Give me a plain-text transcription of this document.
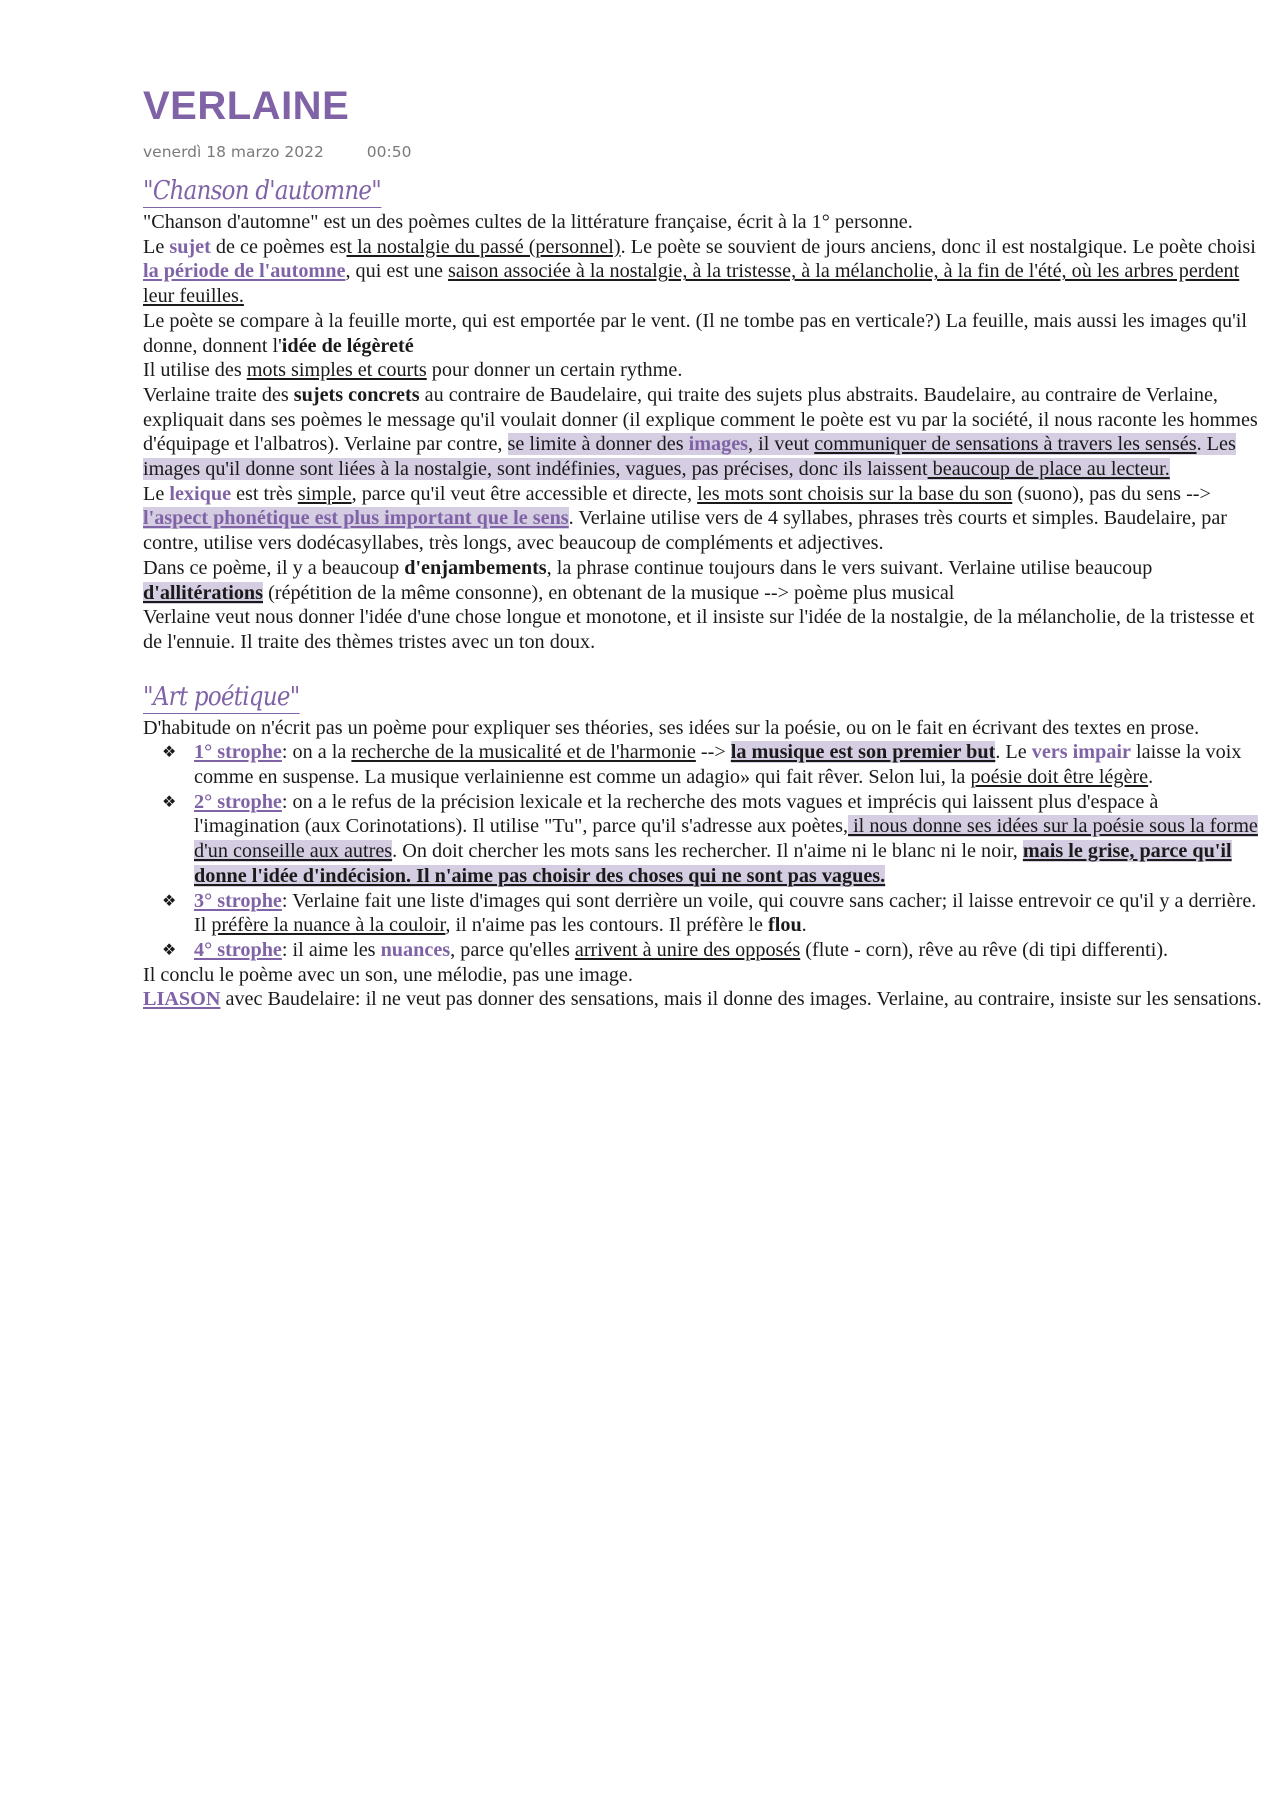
VERLAINE
venerdì 18 marzo 2022	00:50
"Chanson d'automne"

"Chanson d'automne" est un des poèmes cultes de la littérature française, écrit à la 1° personne.

Le sujet de ce poèmes est la nostalgie du passé (personnel). Le poète se souvient de jours anciens, donc il est nostalgique. Le poète choisi la période de l'automne, qui est une saison associée à la nostalgie, à la tristesse, à la mélancholie, à la fin de l'été, où les arbres perdent leur feuilles.

Le poète se compare à la feuille morte, qui est emportée par le vent. (Il ne tombe pas en verticale?) La feuille, mais aussi les images qu'il donne, donnent l'idée de légèreté

Il utilise des mots simples et courts pour donner un certain rythme.

Verlaine traite des sujets concrets au contraire de Baudelaire, qui traite des sujets plus abstraits. Baudelaire, au contraire de Verlaine, expliquait dans ses poèmes le message qu'il voulait donner (il explique comment le poète est vu par la société, il nous raconte les hommes d'équipage et l'albatros). Verlaine par contre, se limite à donner des images, il veut communiquer de sensations à travers les sensés. Les images qu'il donne sont liées à la nostalgie, sont indéfinies, vagues, pas précises, donc ils laissent beaucoup de place au lecteur.

Le lexique est très simple, parce qu'il veut être accessible et directe, les mots sont choisis sur la base du son (suono), pas du sens --> l'aspect phonétique est plus important que le sens. Verlaine utilise vers de 4 syllabes, phrases très courts et simples. Baudelaire, par contre, utilise vers dodécasyllabes, très longs, avec beaucoup de compléments et adjectives.

Dans ce poème, il y a beaucoup d'enjambements, la phrase continue toujours dans le vers suivant. Verlaine utilise beaucoup d'allitérations (répétition de la même consonne), en obtenant de la musique --> poème plus musical

Verlaine veut nous donner l'idée d'une chose longue et monotone, et il insiste sur l'idée de la nostalgie, de la mélancholie, de la tristesse et de l'ennuie. Il traite des thèmes tristes avec un ton doux.

"Art poétique"

D'habitude on n'écrit pas un poème pour expliquer ses théories, ses idées sur la poésie, ou on le fait en écrivant des textes en prose.

❖ 1° strophe: on a la recherche de la musicalité et de l'harmonie --> la musique est son premier but. Le vers impair laisse la voix comme en suspense. La musique verlainienne est comme un adagio» qui fait rêver. Selon lui, la poésie doit être légère.
❖ 2° strophe: on a le refus de la précision lexicale et la recherche des mots vagues et imprécis qui laissent plus d'espace à l'imagination (aux Corinotations). Il utilise "Tu", parce qu'il s'adresse aux poètes, il nous donne ses idées sur la poésie sous la forme d'un conseille aux autres. On doit chercher les mots sans les rechercher. Il n'aime ni le blanc ni le noir, mais le grise, parce qu'il donne l'idée d'indécision. Il n'aime pas choisir des choses qui ne sont pas vagues.
❖ 3° strophe: Verlaine fait une liste d'images qui sont derrière un voile, qui couvre sans cacher; il laisse entrevoir ce qu'il y a derrière. Il préfère la nuance à la couloir, il n'aime pas les contours. Il préfère le flou.
❖ 4° strophe: il aime les nuances, parce qu'elles arrivent à unire des opposés (flute - corn), rêve au rêve (di tipi differenti).

Il conclu le poème avec un son, une mélodie, pas une image.

LIASON avec Baudelaire: il ne veut pas donner des sensations, mais il donne des images. Verlaine, au contraire, insiste sur les sensations.
